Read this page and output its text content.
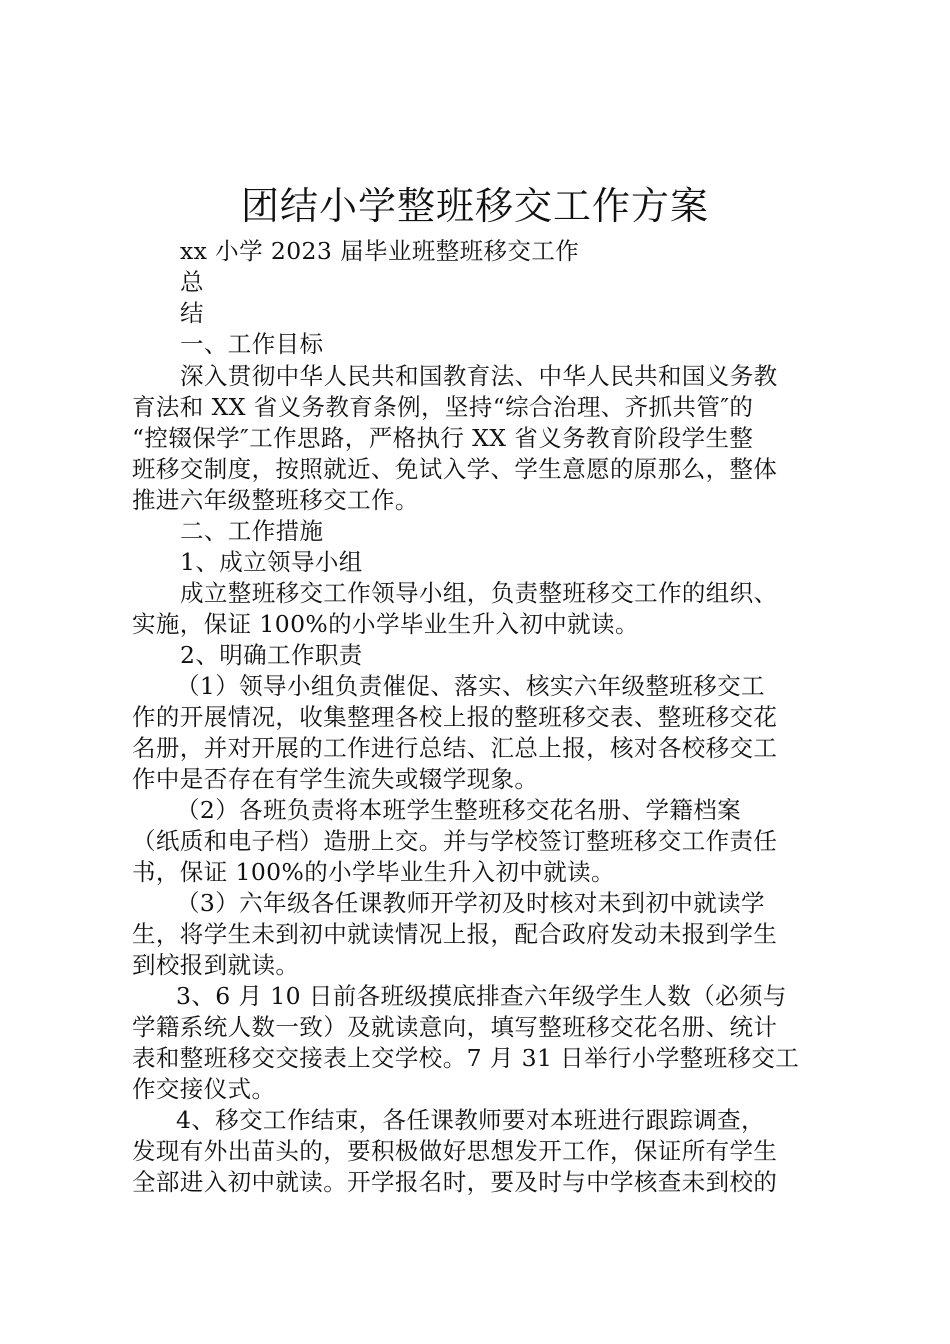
团结小学整班移交工作方案

xx 小学 2023 届毕业班整班移交工作

总

结

一、工作目标

深入贯彻中华人民共和国教育法、中华人民共和国义务教

育法和 XX 省义务教育条例，坚持“综合治理、齐抓共管″的

“控辍保学″工作思路，严格执行 XX 省义务教育阶段学生整

班移交制度，按照就近、免试入学、学生意愿的原那么，整体

推进六年级整班移交工作。

二、工作措施

1、成立领导小组

成立整班移交工作领导小组，负责整班移交工作的组织、

实施，保证 100%的小学毕业生升入初中就读。

2、明确工作职责

（1）领导小组负责催促、落实、核实六年级整班移交工

作的开展情况，收集整理各校上报的整班移交表、整班移交花

名册，并对开展的工作进行总结、汇总上报，核对各校移交工

作中是否存在有学生流失或辍学现象。

（2）各班负责将本班学生整班移交花名册、学籍档案

（纸质和电子档）造册上交。并与学校签订整班移交工作责任

书，保证 100%的小学毕业生升入初中就读。

（3）六年级各任课教师开学初及时核对未到初中就读学

生，将学生未到初中就读情况上报，配合政府发动未报到学生

到校报到就读。

3、6 月 10 日前各班级摸底排查六年级学生人数（必须与

学籍系统人数一致）及就读意向，填写整班移交花名册、统计

表和整班移交交接表上交学校。7 月 31 日举行小学整班移交工

作交接仪式。

4、移交工作结束，各任课教师要对本班进行跟踪调查，

发现有外出苗头的，要积极做好思想发开工作，保证所有学生

全部进入初中就读。开学报名时，要及时与中学核查未到校的
